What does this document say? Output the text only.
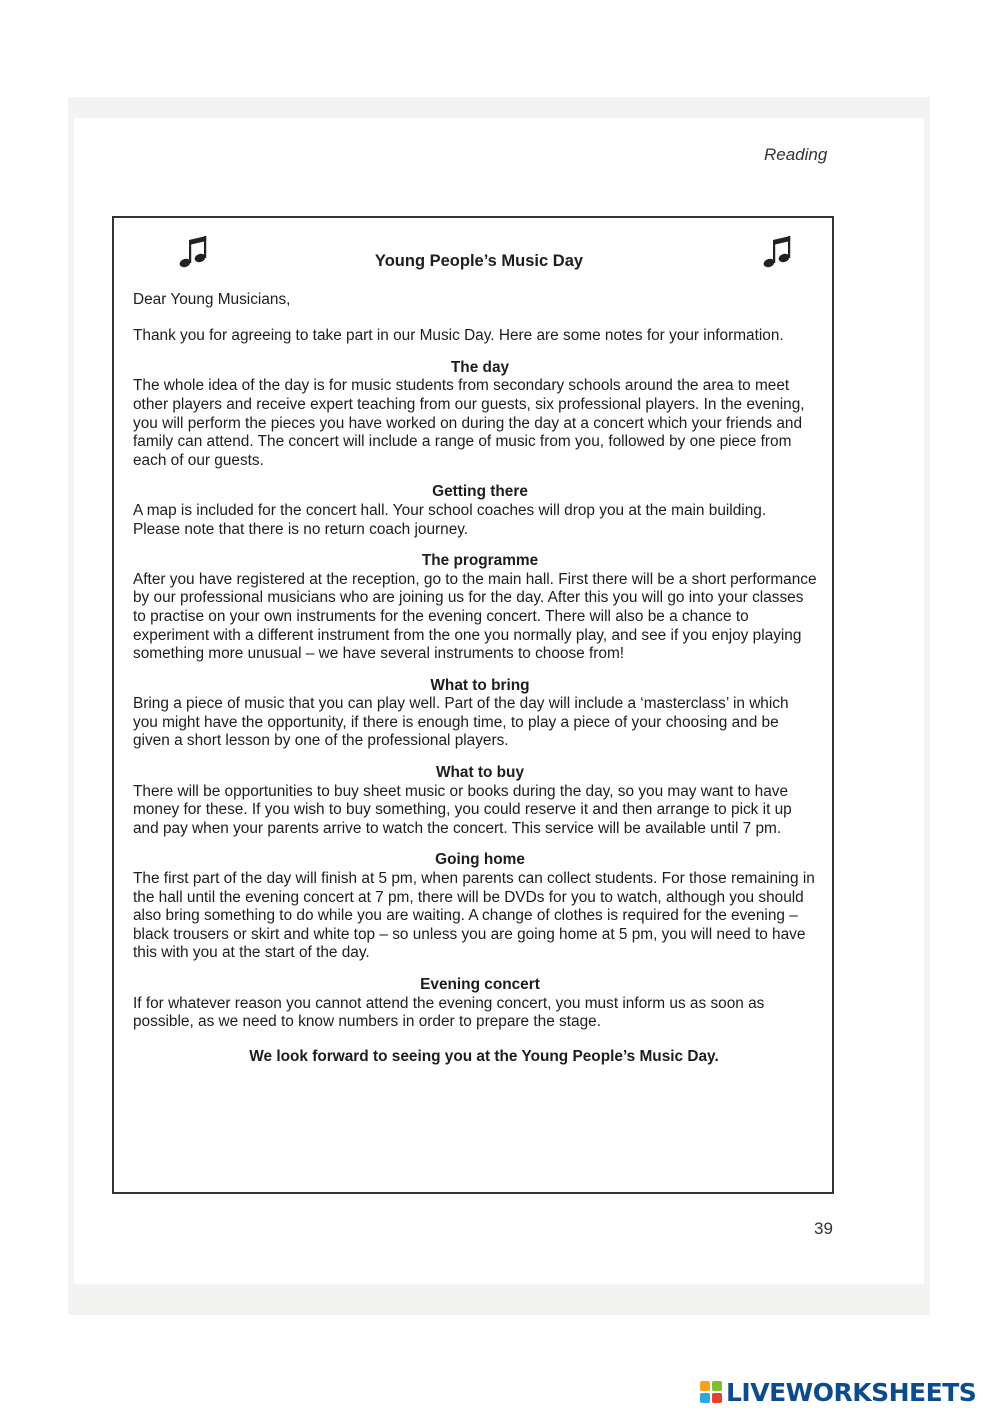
Reading
Young People’s Music Day

Dear Young Musicians,

Thank you for agreeing to take part in our Music Day. Here are some notes for your information.

The day

The whole idea of the day is for music students from secondary schools around the area to meet other players and receive expert teaching from our guests, six professional players. In the evening, you will perform the pieces you have worked on during the day at a concert which your friends and family can attend. The concert will include a range of music from you, followed by one piece from each of our guests.

Getting there

A map is included for the concert hall. Your school coaches will drop you at the main building. Please note that there is no return coach journey.

The programme

After you have registered at the reception, go to the main hall. First there will be a short performance by our professional musicians who are joining us for the day. After this you will go into your classes to practise on your own instruments for the evening concert. There will also be a chance to experiment with a different instrument from the one you normally play, and see if you enjoy playing something more unusual – we have several instruments to choose from!

What to bring

Bring a piece of music that you can play well. Part of the day will include a ‘masterclass’ in which you might have the opportunity, if there is enough time, to play a piece of your choosing and be given a short lesson by one of the professional players.

What to buy

There will be opportunities to buy sheet music or books during the day, so you may want to have money for these. If you wish to buy something, you could reserve it and then arrange to pick it up and pay when your parents arrive to watch the concert. This service will be available until 7 pm.

Going home

The first part of the day will finish at 5 pm, when parents can collect students. For those remaining in the hall until the evening concert at 7 pm, there will be DVDs for you to watch, although you should also bring something to do while you are waiting. A change of clothes is required for the evening – black trousers or skirt and white top – so unless you are going home at 5 pm, you will need to have this with you at the start of the day.

Evening concert

If for whatever reason you cannot attend the evening concert, you must inform us as soon as possible, as we need to know numbers in order to prepare the stage.

We look forward to seeing you at the Young People’s Music Day.

39
LIVEWORKSHEETS
